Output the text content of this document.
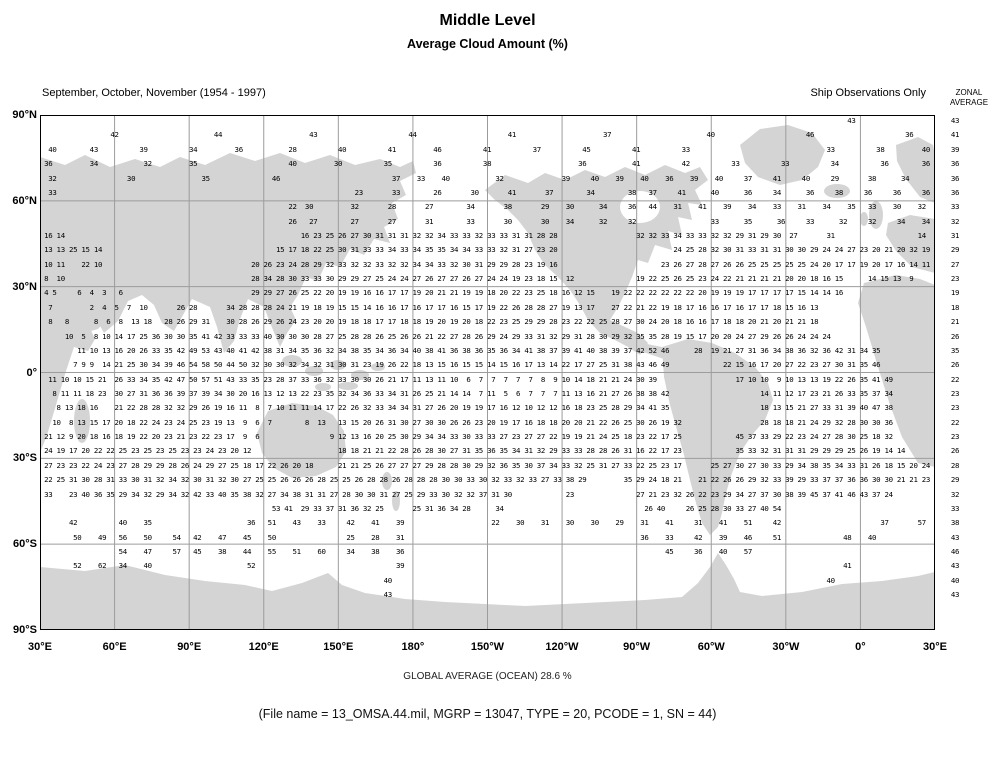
Middle Level
Average Cloud Amount (%)
September, October, November (1954 - 1997)	Ship Observations Only	ZONAL
AVERAGE
90°N
60°N
30°N
0°
30°S
60°S
90°S
43
42                       44                     43                      44                      41                     37                       40                      46                      36
40        43          39          34         36           28          40          41         46          41          37          45          41          33                                 33          38         40
36         34           32         35                      40         30          35          36          38                     36           41          42          33          33          34          36        36
32                 30                35               46                           37    33    40           32              39     40    39    40    36    39    40     37     41     40     29       38      34
33                                                                        23       33        26       30       41       37        34        38   37     41      40      36     34      36     38     36     36     36
22  30         32       28       27        34       38       29    30      34     36   44    31    41    39    34    33    31    34    35   33    30    32
26   27        27       27       31        33       30       30    34      32     32                  33      35      36     33      32     32     34    34
16 14                                                         16 23 25 26 27 30 31 31 31 32 32 34 33 33 32 33 33 31 31 28 28                   32 32 33 34 33 33 32 32 29 31 29 30  27       31                    14
13 13 25 15 14                                          15 17 18 22 25 30 31 33 33 34 33 34 35 35 34 34 33 33 32 31 27 23 20                            24 25 28 32 30 31 33 31 31 30 30 29 24 24 27 23 20 21 20 32 19
10 11    22 10                                    20 26 23 24 28 29 32 33 32 32 33 32 32 34 34 33 32 30 31 29 29 28 23 19 16                         23 26 27 28 27 26 26 25 25 25 25 25 24 20 17 17 19 20 17 16 14 11
8  10                                             28 34 28 30 33 33 30 29 29 27 25 24 24 27 26 27 27 26 27 24 24 19 23 18 15  12               19 22 25 26 25 23 24 22 21 21 21 21 20 20 18 16 15      14 15 13  9
4 5     6  4  3   6                               29 29 27 26 25 22 20 19 19 16 16 17 17 19 20 21 21 19 19 18 20 22 23 25 18 16 12 15    19 22 22 22 22 22 22 20 19 19 19 17 17 17 17 15 14 14 16
7         2  4  5  7  10       26 28       34 28 28 28 24 21 19 18 19 15 15 14 16 16 17 16 17 17 16 15 17 19 22 26 28 28 27 19 13 17    27 22 21 22 19 18 17 16 16 17 16 17 17 18 15 16 13
8   8      8  6  8  13 18   28 26 29 31    30 28 26 29 26 24 23 20 20 19 18 18 17 17 18 18 19 20 19 20 18 22 23 25 29 29 28 23 22 22 25 28 27 30 24 20 18 16 16 17 18 18 20 21 20 21 21 18
10  5  8 10 14 17 25 36 30 30 35 41 42 33 33 33 40 30 30 30 28 27 25 28 28 26 25 26 26 21 22 27 28 26 29 24 29 33 31 32 29 31 28 30 29 32 35 35 28 19 15 17 20 20 24 27 29 26 26 24 24 24
11 10 13 16 20 26 33 35 42 49 53 43 40 41 42 38 31 34 35 36 32 34 38 35 34 36 34 40 38 41 36 38 36 35 36 34 41 38 37 39 41 40 38 39 37 42 52 46      28  19 21 27 31 36 34 38 36 32 36 42 31 34 35
7 9 9  14 21 25 30 34 39 46 54 58 50 44 50 32 30 30 32 34 32 31 30 31 23 19 26 22 18 13 15 16 15 15 14 15 16 17 13 14 22 17 27 25 31 38 43 46 49             22 15 16 17 20 27 22 23 27 30 31 35 46
11 10 10 15 21  26 33 34 35 42 47 50 57 51 43 33 35 23 28 37 33 36 32 33 30 30 26 21 17 11 13 11 10  6  7  7  7  7  7  8  9 10 14 18 21 21 24 30 39                   17 10 10  9 10 13 13 19 22 26 35 41 49
8 11 11 18 23  30 27 31 36 36 39 37 39 34 30 20 16 13 12 13 22 23 35 32 34 36 33 34 31 26 25 21 14 14  7 11  5  6  7  7  7 11 13 16 21 27 26 38 38 42                      14 11 12 17 23 21 26 33 35 37 34
8 13 18 16    21 22 28 28 32 32 29 26 19 16 11  8  7 10 11 11 14 17 22 26 32 33 34 34 31 27 26 20 19 19 17 16 12 10 12 12 16 18 23 25 28 29 34 41 35                      18 13 15 21 27 33 31 39 40 47 38
10  8 13 15 17 20 18 22 24 23 24 25 23 19 13  9  6  7        8  13   13 15 20 26 31 30 27 30 30 26 26 23 20 19 17 16 18 18 20 20 21 22 26 25 30 26 19 32                   28 18 18 21 24 29 32 28 30 30 36
21 12 9 20 18 16 18 19 22 20 23 21 23 22 23 17  9  6                 9 12 13 16 20 25 30 29 34 34 33 30 33 33 27 23 27 27 22 19 19 21 24 25 18 23 22 17 25             45 37 33 29 22 23 24 27 28 30 25 18 32
24 19 17 20 22 22 25 23 25 23 25 23 23 24 23 20 12                     18 18 21 21 22 28 26 28 30 27 31 35 36 35 34 31 32 29 33 33 28 28 26 31 16 22 17 23             35 33 32 31 31 31 29 29 29 25 26 19 14 14
27 23 23 22 24 23 27 28 29 29 28 26 24 29 27 25 18 17 22 26 20 18      21 21 25 26 27 27 27 29 28 28 30 29 32 36 35 30 37 34 33 32 25 31 27 33 22 25 23 17       25 27 30 27 30 33 29 34 38 35 34 33 31 26 18 15 20 24
22 25 31 30 28 31 33 30 31 32 34 32 30 31 32 30 27 25 25 26 26 26 28 25 25 26 28 28 26 28 28 28 30 30 33 30 32 33 32 33 27 33 38 29         35 29 24 18 21    21 22 26 26 29 32 33 39 29 33 37 37 36 36 30 30 21 21 23
33    23 40 36 35 29 34 32 29 34 32 42 33 40 35 38 32 27 34 38 31 31 27 28 30 30 31 27 25 29 33 30 32 32 37 31 30             23               27 21 23 32 26 22 23 29 34 27 37 30 38 39 45 37 41 46 43 37 24
53 41  29 33 37 31 36 32 25       25 31 36 34 28      34                                  26 40     26 25 28 30 33 27 40 54
42          40    35                       36   51    43    33     42    41    39                     22    30    31    30    30    29    31    41     31    41    51     42                        37       57
50    49   56    50     54   42    47    45    50                 25    28    31                                                         36    33     42    39    46     51               48    40
54    47     57   45    38    44    55    51    60     34    38    36                                                               45     36    40    57
52    62   34    40                       52                                  39                                                                                                          41
40                                                                                                         40
43
43
41
39
36
36
36
33
32
31
29
27
23
19
18
21
26
35
26
22
23
23
22
23
26
28
29
32
33
38
43
46
43
40
43
30°E	60°E	90°E	120°E	150°E	180°	150°W	120°W	90°W	60°W	30°W	0°	30°E
GLOBAL AVERAGE (OCEAN) 28.6 %
(File name = 13_OMSA.44.mil, MGRP = 13047, TYPE = 20, PCODE = 1, SN = 44)
